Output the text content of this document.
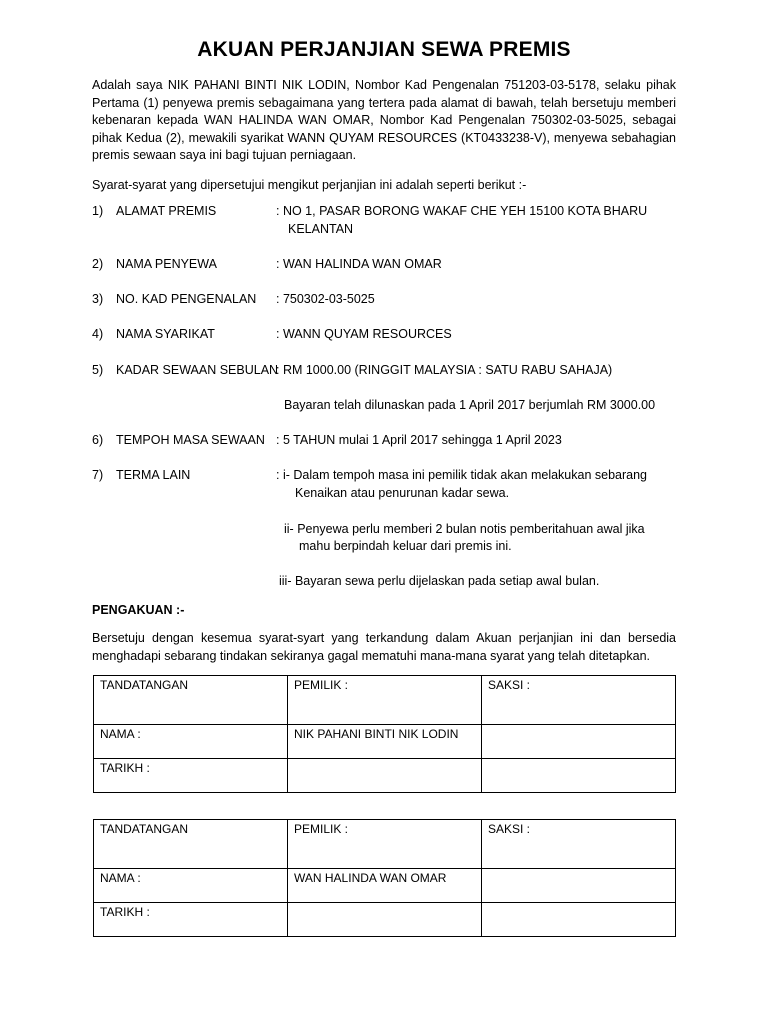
AKUAN PERJANJIAN SEWA PREMIS

Adalah saya NIK PAHANI BINTI NIK LODIN, Nombor Kad Pengenalan 751203-03-5178, selaku pihak Pertama (1) penyewa premis sebagaimana yang tertera pada alamat di bawah, telah bersetuju memberi kebenaran kepada WAN HALINDA WAN OMAR, Nombor Kad Pengenalan 750302-03-5025, sebagai pihak Kedua (2), mewakili syarikat WANN QUYAM RESOURCES (KT0433238-V), menyewa sebahagian premis sewaan saya ini bagi tujuan perniagaan.

Syarat-syarat yang dipersetujui mengikut perjanjian ini adalah seperti berikut :-

1) ALAMAT PREMIS	: NO 1, PASAR BORONG WAKAF CHE YEH 15100 KOTA BHARU
KELANTAN
2) NAMA PENYEWA	: WAN HALINDA WAN OMAR
3) NO. KAD PENGENALAN : 750302-03-5025
4) NAMA SYARIKAT	: WANN QUYAM RESOURCES
5) KADAR SEWAAN SEBULAN
: RM 1000.00 (RINGGIT MALAYSIA : SATU RABU SAHAJA)
Bayaran telah dilunaskan pada 1 April 2017 berjumlah RM 3000.00
6) TEMPOH MASA SEWAAN : 5 TAHUN mulai 1 April 2017 sehingga 1 April 2023
7) TERMA LAIN	: i- Dalam tempoh masa ini pemilik tidak akan melakukan sebarang
Kenaikan atau penurunan kadar sewa.
ii- Penyewa perlu memberi 2 bulan notis pemberitahuan awal jika
mahu berpindah keluar dari premis ini.
iii- Bayaran sewa perlu dijelaskan pada setiap awal bulan.

PENGAKUAN :-

Bersetuju dengan kesemua syarat-syart yang terkandung dalam Akuan perjanjian ini dan bersedia menghadapi sebarang tindakan sekiranya gagal mematuhi mana-mana syarat yang telah ditetapkan.

TANDATANGAN	PEMILIK :	SAKSI :
NAMA :	NIK PAHANI BINTI NIK LODIN	
TARIKH :		
TANDATANGAN	PEMILIK :	SAKSI :
NAMA :	WAN HALINDA WAN OMAR	
TARIKH :		
